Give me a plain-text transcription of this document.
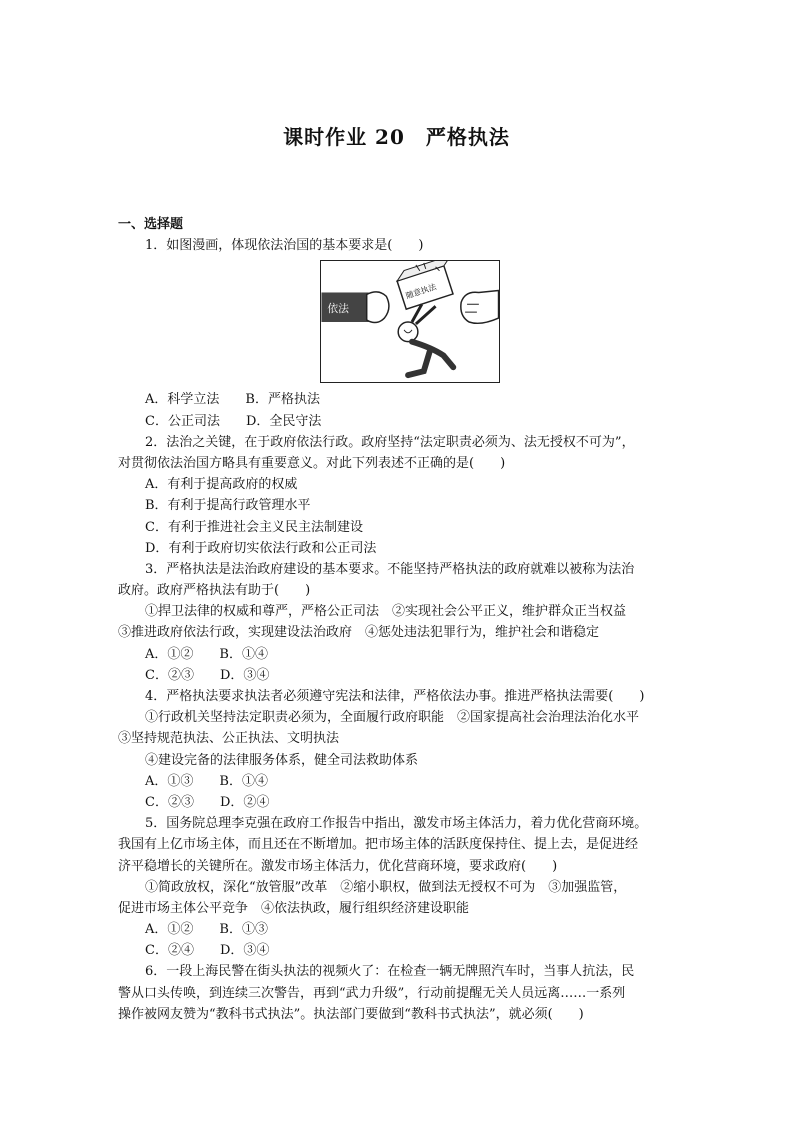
课时作业 20　严格执法
一、选择题
1．如图漫画，体现依法治国的基本要求是(　　)
依法
随意执法
A．科学立法　　B．严格执法
C．公正司法　　D．全民守法
2．法治之关键，在于政府依法行政。政府坚持“法定职责必须为、法无授权不可为”，
对贯彻依法治国方略具有重要意义。对此下列表述不正确的是(　　)
A．有利于提高政府的权威
B．有利于提高行政管理水平
C．有利于推进社会主义民主法制建设
D．有利于政府切实依法行政和公正司法
3．严格执法是法治政府建设的基本要求。不能坚持严格执法的政府就难以被称为法治
政府。政府严格执法有助于(　　)
①捍卫法律的权威和尊严，严格公正司法　②实现社会公平正义，维护群众正当权益
③推进政府依法行政，实现建设法治政府　④惩处违法犯罪行为，维护社会和谐稳定
A．①②　　B．①④
C．②③　　D．③④
4．严格执法要求执法者必须遵守宪法和法律，严格依法办事。推进严格执法需要(　　)
①行政机关坚持法定职责必须为，全面履行政府职能　②国家提高社会治理法治化水平
③坚持规范执法、公正执法、文明执法
④建设完备的法律服务体系，健全司法救助体系
A．①③　　B．①④
C．②③　　D．②④
5．国务院总理李克强在政府工作报告中指出，激发市场主体活力，着力优化营商环境。
我国有上亿市场主体，而且还在不断增加。把市场主体的活跃度保持住、提上去，是促进经
济平稳增长的关键所在。激发市场主体活力，优化营商环境，要求政府(　　)
①简政放权，深化“放管服”改革　②缩小职权，做到法无授权不可为　③加强监管，
促进市场主体公平竞争　④依法执政，履行组织经济建设职能
A．①②　　B．①③
C．②④　　D．③④
6．一段上海民警在街头执法的视频火了：在检查一辆无牌照汽车时，当事人抗法，民
警从口头传唤，到连续三次警告，再到“武力升级”，行动前提醒无关人员远离……一系列
操作被网友赞为“教科书式执法”。执法部门要做到“教科书式执法”，就必须(　　)
